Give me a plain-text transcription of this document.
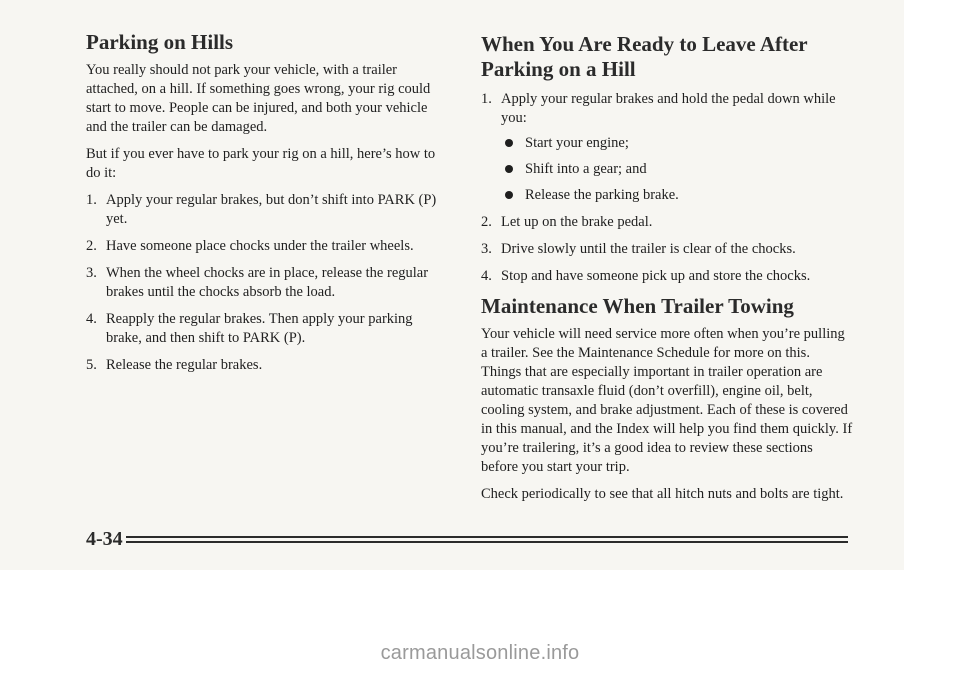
Parking on Hills

You really should not park your vehicle, with a trailer attached, on a hill. If something goes wrong, your rig could start to move. People can be injured, and both your vehicle and the trailer can be damaged.

But if you ever have to park your rig on a hill, here’s how to do it:

1. Apply your regular brakes, but don’t shift into PARK (P) yet.
2. Have someone place chocks under the trailer wheels.
3. When the wheel chocks are in place, release the regular brakes until the chocks absorb the load.
4. Reapply the regular brakes. Then apply your parking brake, and then shift to PARK (P).
5. Release the regular brakes.
When You Are Ready to Leave After Parking on a Hill
1. Apply your regular brakes and hold the pedal down while you:
Start your engine;
Shift into a gear; and
Release the parking brake.
2. Let up on the brake pedal.
3. Drive slowly until the trailer is clear of the chocks.
4. Stop and have someone pick up and store the chocks.
Maintenance When Trailer Towing

Your vehicle will need service more often when you’re pulling a trailer. See the Maintenance Schedule for more on this. Things that are especially important in trailer operation are automatic transaxle fluid (don’t overfill), engine oil, belt, cooling system, and brake adjustment. Each of these is covered in this manual, and the Index will help you find them quickly. If you’re trailering, it’s a good idea to review these sections before you start your trip.

Check periodically to see that all hitch nuts and bolts are tight.

4-34
carmanualsonline.info
